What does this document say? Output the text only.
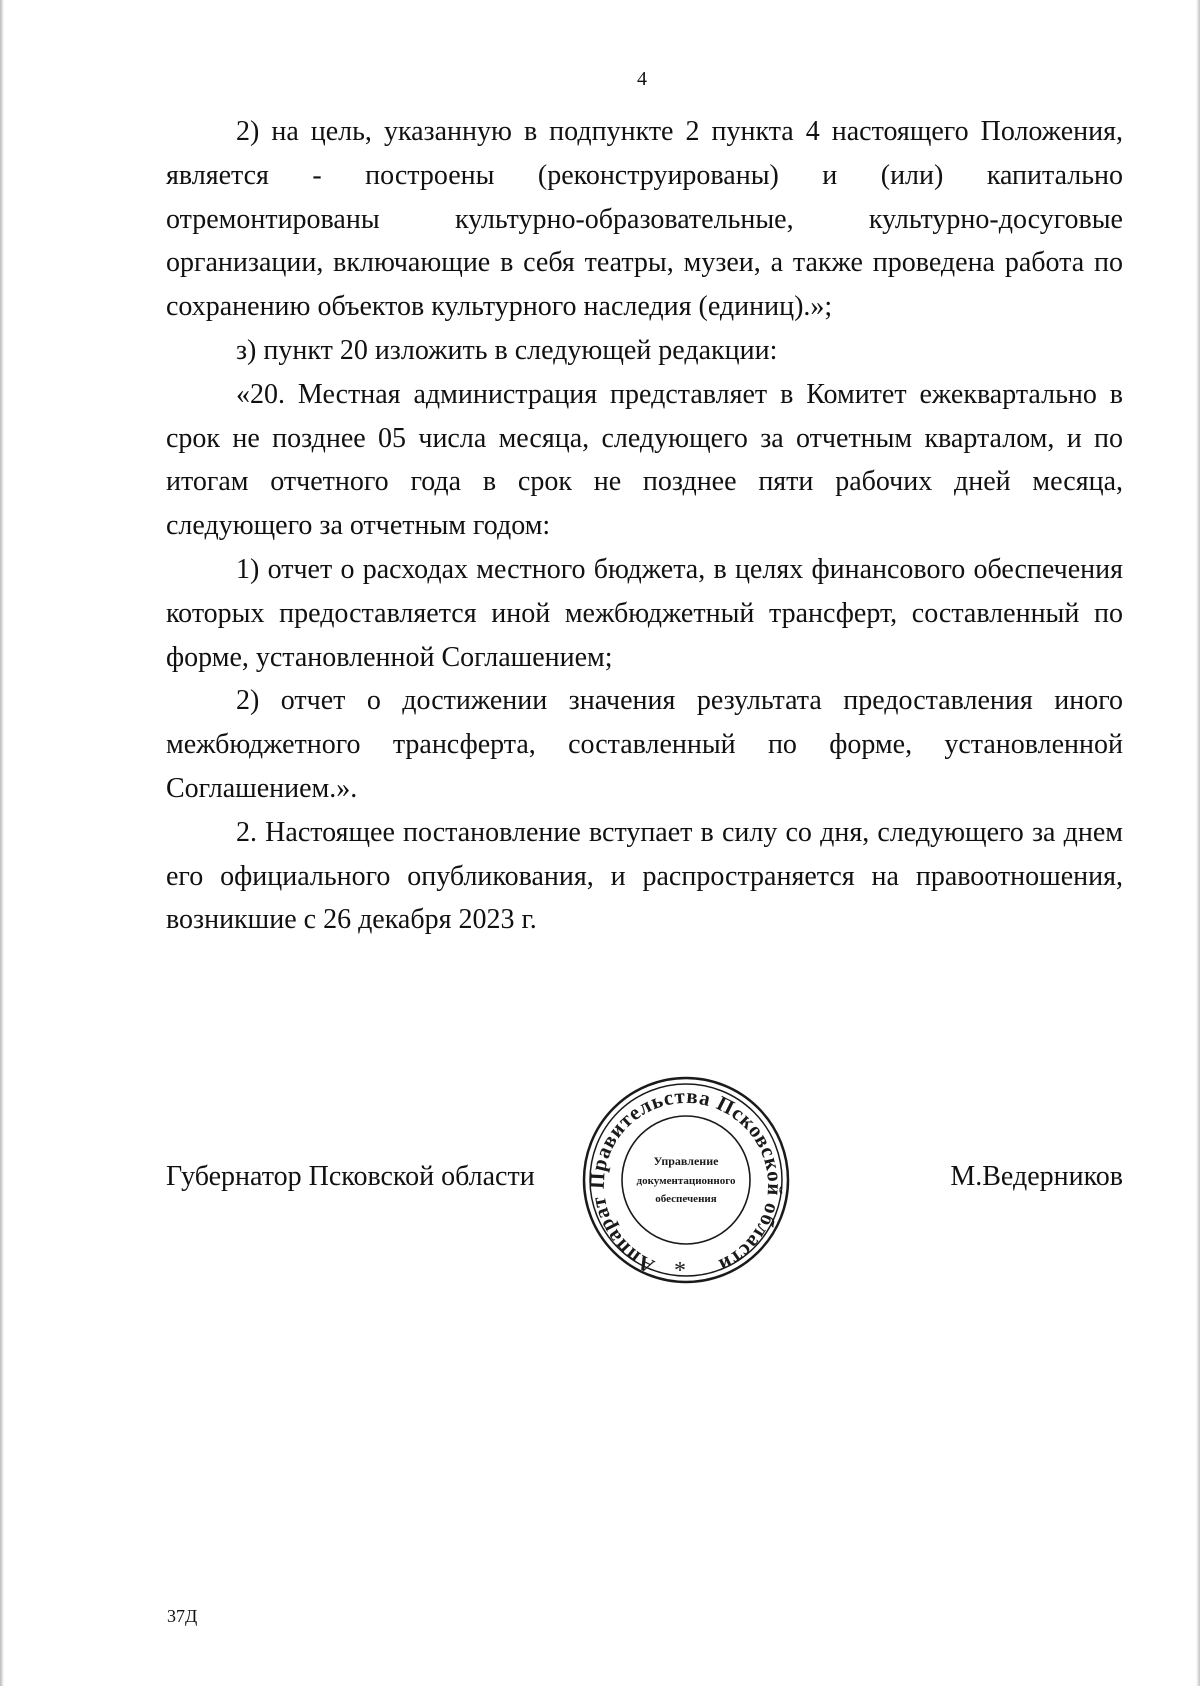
4

2) на цель, указанную в подпункте 2 пункта 4 настоящего Положения, является - построены (реконструированы) и (или) капитально отремонтированы культурно-образовательные, культурно-досуговые организации, включающие в себя театры, музеи, а также проведена работа по сохранению объектов культурного наследия (единиц).»;

з) пункт 20 изложить в следующей редакции:

«20. Местная администрация представляет в Комитет ежеквартально в срок не позднее 05 числа месяца, следующего за отчетным кварталом, и по итогам отчетного года в срок не позднее пяти рабочих дней месяца, следующего за отчетным годом:

1) отчет о расходах местного бюджета, в целях финансового обеспечения которых предоставляется иной межбюджетный трансферт, составленный по форме, установленной Соглашением;

2) отчет о достижении значения результата предоставления иного межбюджетного трансферта, составленный по форме, установленной Соглашением.».

2. Настоящее постановление вступает в силу со дня, следующего за днем его официального опубликования, и распространяется на правоотношения, возникшие с 26 декабря 2023 г.

Губернатор Псковской области
Аппарат Правительства Псковской области
Управление
документационного
обеспечения
*
М.Ведерников
37Д
